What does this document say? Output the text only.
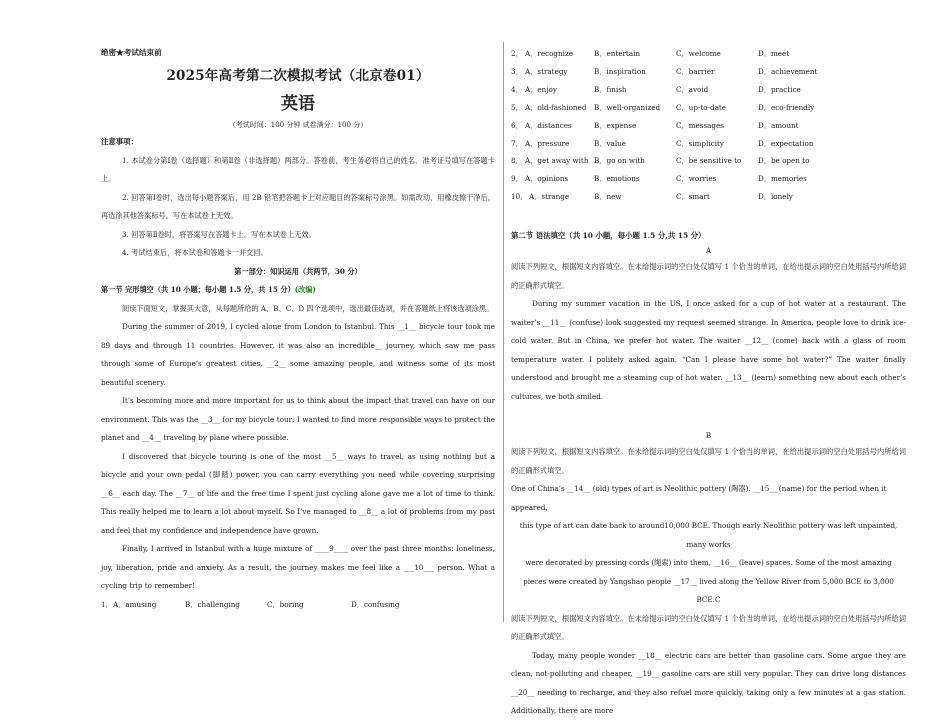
绝密★考试结束前
2025年高考第二次模拟考试（北京卷01）
英语
（考试时间：100 分钟 试卷满分：100 分）
注意事项：

1. 本试卷分第Ⅰ卷（选择题）和第Ⅱ卷（非选择题）两部分。答卷前，考生务必将自己的姓名、准考证号填写在答题卡上。

2. 回答第Ⅰ卷时，选出每小题答案后，用 2B 铅笔把答题卡上对应题目的答案标号涂黑。如需改动，用橡皮擦干净后，再选涂其他答案标号。写在本试卷上无效。

3. 回答第Ⅱ卷时，将答案写在答题卡上。写在本试卷上无效。

4. 考试结束后，将本试卷和答题卡一并交回。

第一部分：知识运用（共两节，30 分）

第一节 完形填空（共 10 小题；每小题 1.5 分，共 15 分）(改编)

阅读下面短文，掌握其大意，从每题所给的 A、B、C、D 四个选项中，选出最佳选项，并在答题纸上将该选项涂黑。

During the summer of 2019, I cycled alone from London to Istanbul. This __1__ bicycle tour took me 89 days and through 11 countries. However, it was also an incredible__ journey, which saw me pass through some of Europe’s greatest cities, __2__ some amazing people, and witness some of its most beautiful scenery.

It’s becoming more and more important for us to think about the impact that travel can have on our environment. This was the __3__ for my bicycle tour: I wanted to find more responsible ways to protect the planet and __4__ traveling by plane where possible.

I discovered that bicycle touring is one of the most __5__ ways to travel, as using nothing but a bicycle and your own pedal (脚踏) power, you can carry everything you need while covering surprising __6__ each day. The __7__ of life and the free time I spent just cycling alone gave me a lot of time to think. This really helped me to learn a lot about myself. So I’ve managed to __8__ a lot of problems from my past and feel that my confidence and independence have grown.

Finally, I arrived in Istanbul with a huge mixture of ____9____ over the past three months: loneliness, joy, liberation, pride and anxiety. As a result, the journey makes me feel like a ___10___ person. What a cycling trip to remember!

1． A．amusing	B．challenging	C．boring	D．confusing
2． A．recognize	B．entertain	C．welcome	D．meet
3． A．strategy	B．inspiration	C．barrier	D．achievement
4． A．enjoy	B．finish	C．avoid	D．practice
5． A．old-fashioned	B．well-organized	C．up-to-date	D．eco-friendly
6． A．distances	B．expense	C．messages	D．amount
7． A．pressure	B．value	C．simplicity	D．expectation
8． A．get away with B．go on with	C．be sensitive to	D．be open to
9． A．opinions	B．emotions	C．worries	D．memories
10． A．strange	B．new	C．smart	D．lonely
第二节 语法填空（共 10 小题，每小题 1.5 分,共 15 分）
A

阅读下列短文，根据短文内容填空。在未给提示词的空白处仅填写 1 个恰当的单词，在给出提示词的空白处用括号内所给词的正确形式填空。

During my summer vacation in the US, I once asked for a cup of hot water at a restaurant. The waiter’s __11__ (confuse) look suggested my request seemed strange. In America, people love to drink ice-cold water. But in China, we prefer hot water. The waiter __12__ (come) back with a glass of room temperature water. I politely asked again, “Can I please have some hot water?” The waiter finally understood and brought me a steaming cup of hot water. __13__ (learn) something new about each other’s cultures, we both smiled.

B

阅读下列短文，根据短文内容填空。在未给提示词的空白处仅填写 1 个恰当的单词，在给出提示词的空白处用括号内所给词的正确形式填空。

One of China’s __14__ (old) types of art is Neolithic pottery (陶器). __15__ (name) for the period when it appeared,

this type of art can date back to around10,000 BCE. Though early Neolithic pottery was left unpainted, many works

were decorated by pressing cords (绳索) into them, __16__ (leave) spaces. Some of the most amazing

pieces were created by Yangshao people __17__ lived along the Yellow River from 5,000 BCE to 3,000 BCE.C

阅读下列短文，根据短文内容填空。在未给提示词的空白处仅填写 1 个恰当的单词，在给出提示词的空白处用括号内所给词的正确形式填空。

Today, many people wonder __18__ electric cars are better than gasoline cars. Some argue they are clean, not-polluting and cheaper, __19__ gasoline cars are still very popular. They can drive long distances __20__ needing to recharge, and they also refuel more quickly, taking only a few minutes at a gas station. Additionally, there are more
